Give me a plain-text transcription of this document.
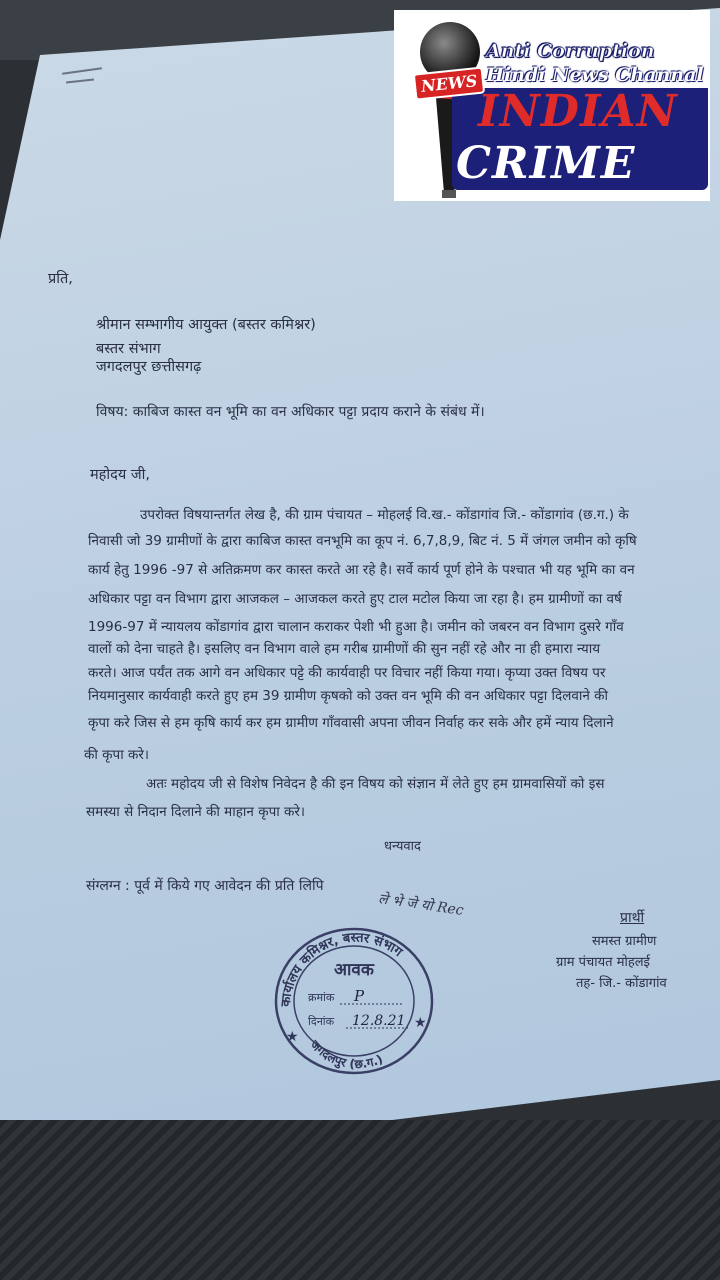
Anti Corruption
Hindi News Channal
NEWS
INDIAN
CRIME
प्रति,
श्रीमान सम्भागीय आयुक्त (बस्तर कमिश्नर)
बस्तर संभाग
जगदलपुर छत्तीसगढ़
विषय: काबिज कास्त वन भूमि का वन अधिकार पट्टा प्रदाय कराने के संबंध में।
महोदय जी,
उपरोक्त विषयान्तर्गत लेख है, की ग्राम पंचायत – मोहलई वि.ख.- कोंडागांव जि.- कोंडागांव (छ.ग.) के
निवासी जो 39 ग्रामीणों के द्वारा काबिज कास्त वनभूमि का कूप नं. 6,7,8,9, बिट नं. 5 में जंगल जमीन को कृषि
कार्य हेतु 1996 -97 से अतिक्रमण कर कास्त करते आ रहे है। सर्वे कार्य पूर्ण होने के पश्चात भी यह भूमि का वन
अधिकार पट्टा वन विभाग द्वारा आजकल – आजकल करते हुए टाल मटोल किया जा रहा है। हम ग्रामीणों का वर्ष
1996-97 में न्यायलय कोंडागांव द्वारा चालान कराकर पेशी भी हुआ है। जमीन को जबरन वन विभाग दुसरे गाँव
वालों को देना चाहते है। इसलिए वन विभाग वाले हम गरीब ग्रामीणों की सुन नहीं रहे और ना ही हमारा न्याय
करते। आज पर्यंत तक आगे वन अधिकार पट्टे की कार्यवाही पर विचार नहीं किया गया। कृप्या उक्त विषय पर
नियमानुसार कार्यवाही करते हुए हम 39 ग्रामीण कृषको को उक्त वन भूमि की वन अधिकार पट्टा दिलवाने की
कृपा करे जिस से हम कृषि कार्य कर हम ग्रामीण गाँववासी अपना जीवन निर्वाह कर सके और हमें न्याय दिलाने
की कृपा करे।
अतः महोदय जी से विशेष निवेदन है की इन विषय को संज्ञान में लेते हुए हम ग्रामवासियों को इस
समस्या से निदान दिलाने की माहान कृपा करे।
धन्यवाद
संग्लग्न : पूर्व में किये गए आवेदन की प्रति लिपि
ले भे जे यो Rec	प्रार्थी
समस्त ग्रामीण
ग्राम पंचायत मोहलई
तह- जि.- कोंडागांव
कार्यालय कमिश्नर, बस्तर संभाग
जगदलपुर (छ.ग.)
आवक
क्रमांक P
दिनांक 12.8.21
★
★
